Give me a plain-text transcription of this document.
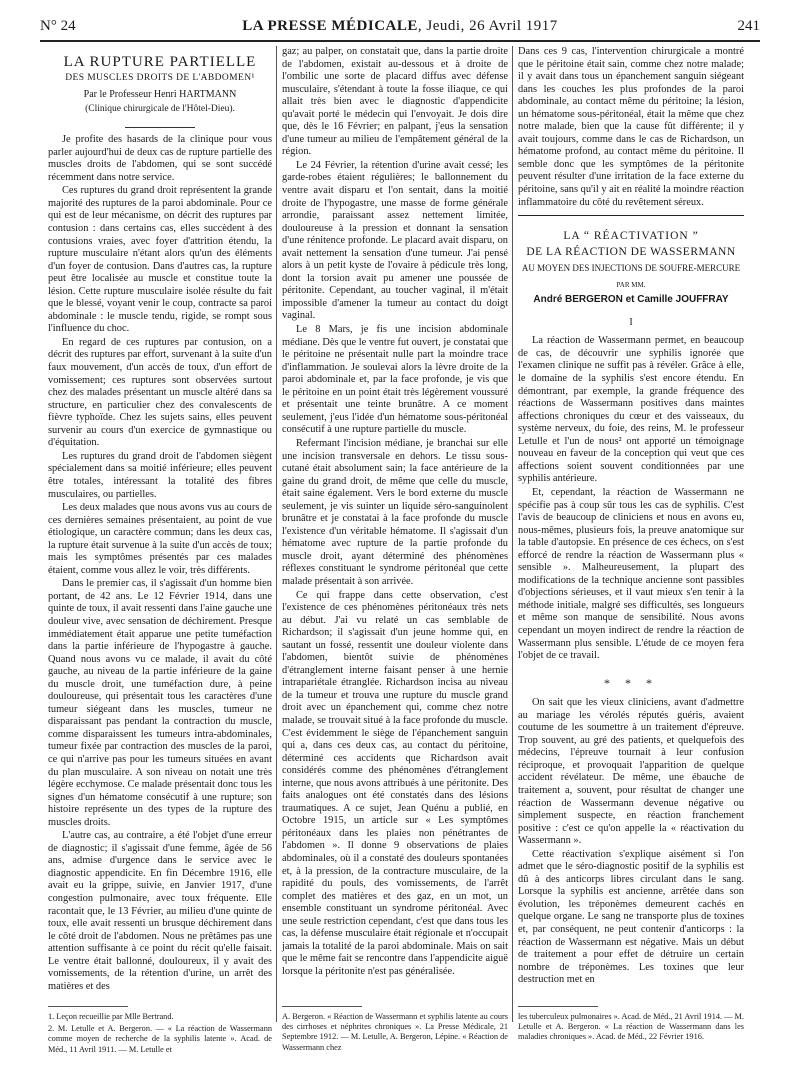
N° 24	LA PRESSE MÉDICALE, Jeudi, 26 Avril 1917	241

LA RUPTURE PARTIELLE

DES MUSCLES DROITS DE L'ABDOMEN¹

Par le Professeur Henri HARTMANN

(Clinique chirurgicale de l'Hôtel-Dieu).

Je profite des hasards de la clinique pour vous parler aujourd'hui de deux cas de rupture partielle des muscles droits de l'abdomen, qui se sont succédé récemment dans notre service.

Ces ruptures du grand droit représentent la grande majorité des ruptures de la paroi abdominale. Pour ce qui est de leur mécanisme, on décrit des ruptures par contusion : dans certains cas, elles succèdent à des contusions vraies, avec foyer d'attrition étendu, la rupture musculaire n'étant alors qu'un des éléments d'un foyer de contusion. Dans d'autres cas, la rupture peut être localisée au muscle et constitue toute la lésion. Cette rupture musculaire isolée résulte du fait que le blessé, voyant venir le coup, contracte sa paroi abdominale : le muscle tendu, rigide, se rompt sous l'influence du choc.

En regard de ces ruptures par contusion, on a décrit des ruptures par effort, survenant à la suite d'un faux mouvement, d'un accès de toux, d'un effort de vomissement; ces ruptures sont observées surtout chez des malades présentant un muscle altéré dans sa structure, en particulier chez des convalescents de fièvre typhoïde. Chez les sujets sains, elles peuvent survenir au cours d'un exercice de gymnastique ou d'équitation.

Les ruptures du grand droit de l'abdomen siègent spécialement dans sa moitié inférieure; elles peuvent être totales, intéressant la totalité des fibres musculaires, ou partielles.

Les deux malades que nous avons vus au cours de ces dernières semaines présentaient, au point de vue étiologique, un caractère commun; dans les deux cas, la rupture était survenue à la suite d'un accès de toux; mais les symptômes présentés par ces malades étaient, comme vous allez le voir, très différents.

Dans le premier cas, il s'agissait d'un homme bien portant, de 42 ans. Le 12 Février 1914, dans une quinte de toux, il avait ressenti dans l'aine gauche une douleur vive, avec sensation de déchirement. Presque immédiatement était apparue une petite tuméfaction dans la partie inférieure de l'hypogastre à gauche. Quand nous avons vu ce malade, il avait du côté gauche, au niveau de la partie inférieure de la gaine du muscle droit, une tuméfaction dure, à peine douloureuse, qui présentait tous les caractères d'une tumeur siégeant dans les muscles, tumeur ne disparaissant pas pendant la contraction du muscle, comme disparaissent les tumeurs intra-abdominales, tumeur fixée par contraction des muscles de la paroi, ce qui n'arrive pas pour les tumeurs situées en avant du plan musculaire. A son niveau on notait une très légère ecchymose. Ce malade présentait donc tous les signes d'un hématome consécutif à une rupture; son histoire représente un des types de la rupture des muscles droits.

L'autre cas, au contraire, a été l'objet d'une erreur de diagnostic; il s'agissait d'une femme, âgée de 56 ans, admise d'urgence dans le service avec le diagnostic appendicite. En fin Décembre 1916, elle avait eu la grippe, suivie, en Janvier 1917, d'une congestion pulmonaire, avec toux fréquente. Elle racontait que, le 13 Février, au milieu d'une quinte de toux, elle avait ressenti un brusque déchirement dans le côté droit de l'abdomen. Nous ne prêtâmes pas une attention suffisante à ce point du récit qu'elle faisait. Le ventre était ballonné, douloureux, il y avait des vomissements, de la rétention d'urine, un arrêt des matières et des

gaz; au palper, on constatait que, dans la partie droite de l'abdomen, existait au-dessous et à droite de l'ombilic une sorte de placard diffus avec défense musculaire, s'étendant à toute la fosse iliaque, ce qui allait très bien avec le diagnostic d'appendicite qu'avait porté le médecin qui l'envoyait. Je dois dire que, dès le 16 Février; en palpant, j'eus la sensation d'une tumeur au milieu de l'empâtement général de la région.

Le 24 Février, la rétention d'urine avait cessé; les garde-robes étaient régulières; le ballonnement du ventre avait disparu et l'on sentait, dans la moitié droite de l'hypogastre, une masse de forme générale arrondie, paraissant assez nettement limitée, douloureuse à la pression et donnant la sensation d'une rénitence profonde. Le placard avait disparu, on avait nettement la sensation d'une tumeur. J'ai pensé alors à un petit kyste de l'ovaire à pédicule très long, dont la torsion avait pu amener une poussée de péritonite. Cependant, au toucher vaginal, il m'était impossible d'amener la tumeur au contact du doigt vaginal.

Le 8 Mars, je fis une incision abdominale médiane. Dès que le ventre fut ouvert, je constatai que le péritoine ne présentait nulle part la moindre trace d'inflammation. Je soulevai alors la lèvre droite de la paroi abdominale et, par la face profonde, je vis que le péritoine en un point était très légèrement voussuré et présentait une teinte brunâtre. A ce moment seulement, j'eus l'idée d'un hématome sous-péritonéal consécutif à une rupture partielle du muscle.

Refermant l'incision médiane, je branchai sur elle une incision transversale en dehors. Le tissu sous-cutané était absolument sain; la face antérieure de la gaine du grand droit, de même que celle du muscle, était saine également. Vers le bord externe du muscle seulement, je vis suinter un liquide séro-sanguinolent brunâtre et je constatai à la face profonde du muscle l'existence d'un véritable hématome. Il s'agissait d'un hématome avec rupture de la partie profonde du muscle droit, ayant déterminé des phénomènes réflexes constituant le syndrome péritonéal que cette malade présentait à son arrivée.

Ce qui frappe dans cette observation, c'est l'existence de ces phénomènes péritonéaux très nets au début. J'ai vu relaté un cas semblable de Richardson; il s'agissait d'un jeune homme qui, en sautant un fossé, ressentit une douleur violente dans l'abdomen, bientôt suivie de phénomènes d'étranglement interne faisant penser à une hernie intrapariétale étranglée. Richardson incisa au niveau de la tumeur et trouva une rupture du muscle grand droit avec un épanchement qui, comme chez notre malade, se trouvait situé à la face profonde du muscle. C'est évidemment le siège de l'épanchement sanguin qui a, dans ces deux cas, au contact du péritoine, déterminé ces accidents que Richardson avait considérés comme des phénomènes d'étranglement interne, que nous avons attribués à une péritonite. Des faits analogues ont été constatés dans des lésions traumatiques. A ce sujet, Jean Quénu a publié, en Octobre 1915, un article sur « Les symptômes péritonéaux dans les plaies non pénétrantes de l'abdomen ». Il donne 9 observations de plaies abdominales, où il a constaté des douleurs spontanées et, à la pression, de la contracture musculaire, de la rapidité du pouls, des vomissements, de l'arrêt complet des matières et des gaz, en un mot, un ensemble constituant un syndrome péritonéal. Avec une seule restriction cependant, c'est que dans tous les cas, la défense musculaire était régionale et n'occupait jamais la totalité de la paroi abdominale. Mais on sait que le même fait se rencontre dans l'appendicite aiguë lorsque la péritonite n'est pas généralisée.

Dans ces 9 cas, l'intervention chirurgicale a montré que le péritoine était sain, comme chez notre malade; il y avait dans tous un épanchement sanguin siégeant dans les couches les plus profondes de la paroi abdominale, au contact même du péritoine; la lésion, un hématome sous-péritonéal, était la même que chez notre malade, bien que la cause fût différente; il y avait toujours, comme dans le cas de Richardson, un hématome profond, au contact même du péritoine. Il semble donc que les symptômes de la péritonite peuvent résulter d'une irritation de la face externe du péritoine, sans qu'il y ait en réalité la moindre réaction inflammatoire du côté du revêtement séreux.

LA “ RÉACTIVATION ”

DE LA RÉACTION DE WASSERMANN

AU MOYEN DES INJECTIONS DE SOUFRE-MERCURE

PAR MM.

André BERGERON et Camille JOUFFRAY

I

La réaction de Wassermann permet, en beaucoup de cas, de découvrir une syphilis ignorée que l'examen clinique ne suffit pas à révéler. Grâce à elle, le domaine de la syphilis s'est encore étendu. En démontrant, par exemple, la grande fréquence des réactions de Wassermann positives dans maintes affections chroniques du cœur et des vaisseaux, du système nerveux, du foie, des reins, M. le professeur Letulle et l'un de nous² ont apporté un témoignage nouveau en faveur de la conception qui veut que ces affections soient souvent conditionnées par une syphilis antérieure.

Et, cependant, la réaction de Wassermann ne spécifie pas à coup sûr tous les cas de syphilis. C'est l'avis de beaucoup de cliniciens et nous en avons eu, nous-mêmes, plusieurs fois, la preuve anatomique sur la table d'autopsie. En présence de ces échecs, on s'est efforcé de rendre la réaction de Wassermann plus « sensible ». Malheureusement, la plupart des modifications de la technique ancienne sont passibles d'objections sérieuses, et il vaut mieux s'en tenir à la méthode initiale, malgré ses difficultés, ses longueurs et même son manque de sensibilité. Nous avons cependant un moyen indirect de rendre la réaction de Wassermann plus sensible. L'étude de ce moyen fera l'objet de ce travail.

* * *

On sait que les vieux cliniciens, avant d'admettre au mariage les vérolés réputés guéris, avaient coutume de les soumettre à un traitement d'épreuve. Trop souvent, au gré des patients, et quelquefois des médecins, l'épreuve tournait à leur confusion réciproque, et provoquait l'apparition de quelque accident révélateur. De même, une ébauche de traitement a, souvent, pour résultat de changer une réaction de Wassermann devenue négative ou simplement suspecte, en réaction franchement positive : c'est ce qu'on appelle la « réactivation du Wassermann ».

Cette réactivation s'explique aisément si l'on admet que le séro-diagnostic positif de la syphilis est dû à des anticorps libres circulant dans le sang. Lorsque la syphilis est ancienne, arrêtée dans son évolution, les tréponèmes demeurent cachés en quelque organe. Le sang ne transporte plus de toxines et, par conséquent, ne peut contenir d'anticorps : la réaction de Wassermann est négative. Mais un début de traitement a pour effet de détruire un certain nombre de tréponèmes. Les toxines que leur destruction met en

1. Leçon recueillie par Mlle Bertrand.

2. M. Letulle et A. Bergeron. — « La réaction de Wassermann comme moyen de recherche de la syphilis latente ». Acad. de Méd., 11 Avril 1911. — M. Letulle et

A. Bergeron. « Réaction de Wassermann et syphilis latente au cours des cirrhoses et néphrites chroniques ». La Presse Médicale, 21 Septembre 1912. — M. Letulle, A. Bergeron, Lépine. « Réaction de Wassermann chez

les tuberculeux pulmonaires ». Acad. de Méd., 21 Avril 1914. — M. Letulle et A. Bergeron. « La réaction de Wassermann dans les maladies chroniques ». Acad. de Méd., 22 Février 1916.
